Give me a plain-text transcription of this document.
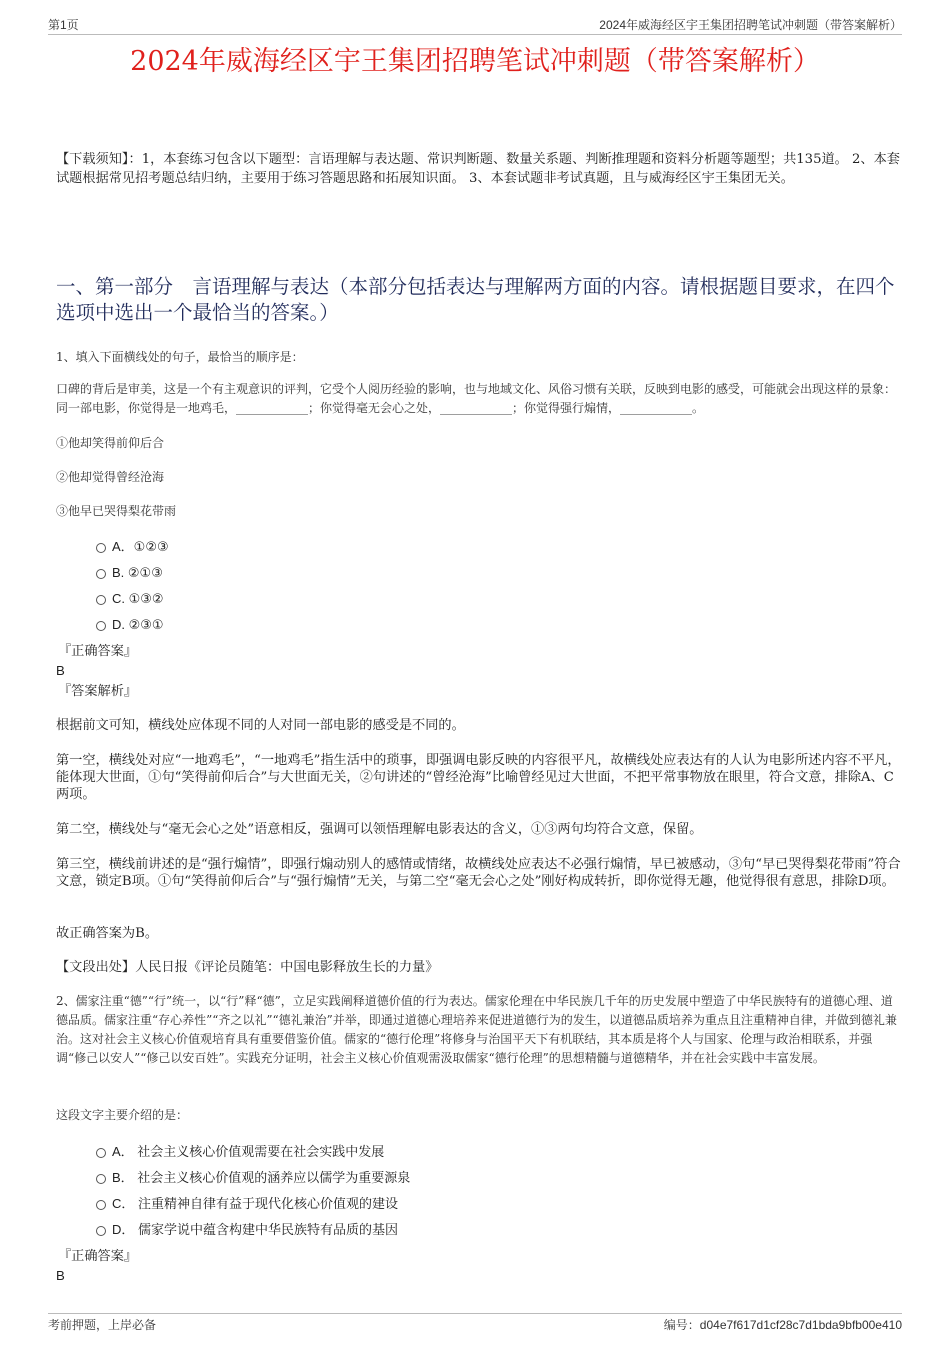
第1页	2024年威海经区宇王集团招聘笔试冲刺题（带答案解析）
2024年威海经区宇王集团招聘笔试冲刺题（带答案解析）
【下载须知】：1，本套练习包含以下题型：言语理解与表达题、常识判断题、数量关系题、判断推理题和资料分析题等题型；共135道。 2、本套试题根据常见招考题总结归纳，主要用于练习答题思路和拓展知识面。 3、本套试题非考试真题，且与威海经区宇王集团无关。
一、第一部分　言语理解与表达（本部分包括表达与理解两方面的内容。请根据题目要求，在四个选项中选出一个最恰当的答案。）
1、填入下面横线处的句子，最恰当的顺序是：
口碑的背后是审美，这是一个有主观意识的评判，它受个人阅历经验的影响，也与地域文化、风俗习惯有关联，反映到电影的感受，可能就会出现这样的景象：同一部电影，你觉得是一地鸡毛，____________；你觉得毫无会心之处，____________；你觉得强行煽情，____________。
①他却笑得前仰后合
②他却觉得曾经沧海
③他早已哭得梨花带雨
A．①②③
B. ②①③
C. ①③②
D. ②③①
『正确答案』
B
『答案解析』
根据前文可知，横线处应体现不同的人对同一部电影的感受是不同的。
第一空，横线处对应“一地鸡毛”，“一地鸡毛”指生活中的琐事，即强调电影反映的内容很平凡，故横线处应表达有的人认为电影所述内容不平凡，能体现大世面，①句“笑得前仰后合”与大世面无关，②句讲述的“曾经沧海”比喻曾经见过大世面，不把平常事物放在眼里，符合文意，排除A、C两项。
第二空，横线处与“毫无会心之处”语意相反，强调可以领悟理解电影表达的含义，①③两句均符合文意，保留。
第三空，横线前讲述的是“强行煽情”，即强行煽动别人的感情或情绪，故横线处应表达不必强行煽情，早已被感动，③句“早已哭得梨花带雨”符合文意，锁定B项。①句“笑得前仰后合”与“强行煽情”无关，与第二空“毫无会心之处”刚好构成转折，即你觉得无趣，他觉得很有意思，排除D项。
故正确答案为B。
【文段出处】人民日报《评论员随笔：中国电影释放生长的力量》
2、儒家注重“德”“行”统一，以“行”释“德”，立足实践阐释道德价值的行为表达。儒家伦理在中华民族几千年的历史发展中塑造了中华民族特有的道德心理、道德品质。儒家注重“存心养性”“齐之以礼”“德礼兼治”并举，即通过道德心理培养来促进道德行为的发生，以道德品质培养为重点且注重精神自律，并做到德礼兼治。这对社会主义核心价值观培育具有重要借鉴价值。儒家的“德行伦理”将修身与治国平天下有机联结，其本质是将个人与国家、伦理与政治相联系，并强调“修己以安人”“修己以安百姓”。实践充分证明，社会主义核心价值观需汲取儒家“德行伦理”的思想精髓与道德精华，并在社会实践中丰富发展。
这段文字主要介绍的是：
A． 社会主义核心价值观需要在社会实践中发展
B． 社会主义核心价值观的涵养应以儒学为重要源泉
C． 注重精神自律有益于现代化核心价值观的建设
D． 儒家学说中蕴含构建中华民族特有品质的基因
『正确答案』
B
考前押题，上岸必备	编号：d04e7f617d1cf28c7d1bda9bfb00e410
